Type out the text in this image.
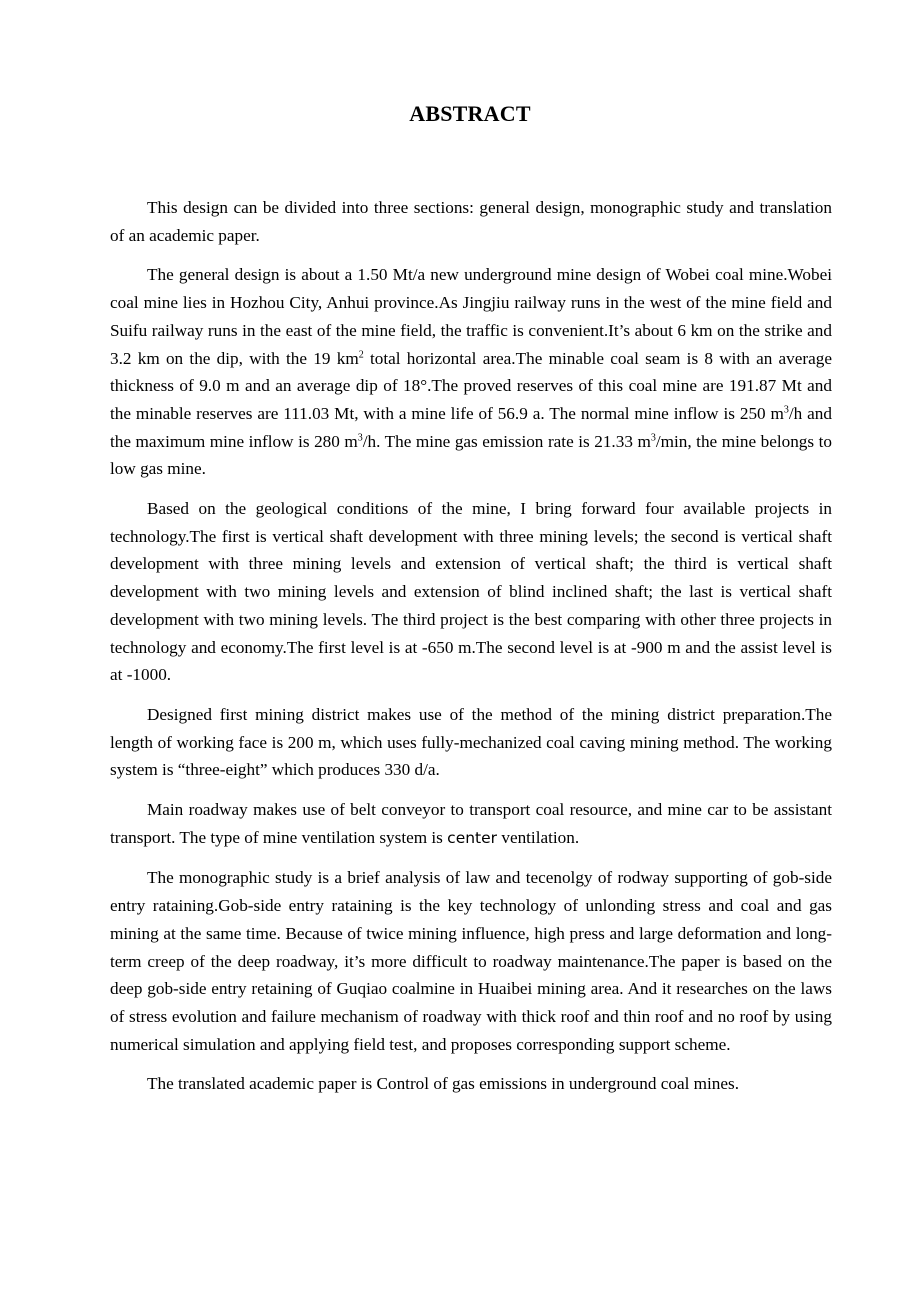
ABSTRACT

This design can be divided into three sections: general design, monographic study and translation of an academic paper.

The general design is about a 1.50 Mt/a new underground mine design of Wobei coal mine.Wobei coal mine lies in Hozhou City, Anhui province.As Jingjiu railway runs in the west of the mine field and Suifu railway runs in the east of the mine field, the traffic is convenient.It’s about 6 km on the strike and 3.2 km on the dip, with the 19 $km^2$ total horizontal area.The minable coal seam is 8 with an average thickness of 9.0 m and an average dip of 18°.The proved reserves of this coal mine are 191.87 Mt and the minable reserves are 111.03 Mt, with a mine life of 56.9 a. The normal mine inflow is 250 $m^3/h$ and the maximum mine inflow is 280 $m^3/h$. The mine gas emission rate is 21.33 $m^3/\min$, the mine belongs to low gas mine.

Based on the geological conditions of the mine, I bring forward four available projects in technology.The first is vertical shaft development with three mining levels; the second is vertical shaft development with three mining levels and extension of vertical shaft; the third is vertical shaft development with two mining levels and extension of blind inclined shaft; the last is vertical shaft development with two mining levels. The third project is the best comparing with other three projects in technology and economy.The first level is at -650 m.The second level is at -900 m and the assist level is at -1000.

Designed first mining district makes use of the method of the mining district preparation.The length of working face is 200 m, which uses fully-mechanized coal caving mining method. The working system is “three-eight” which produces 330 d/a.

Main roadway makes use of belt conveyor to transport coal resource, and mine car to be assistant transport. The type of mine ventilation system is center ventilation.

The monographic study is a brief analysis of law and tecenolgy of rodway supporting of gob-side entry rataining.Gob-side entry rataining is the key technology of unlonding stress and coal and gas mining at the same time. Because of twice mining influence, high press and large deformation and long-term creep of the deep roadway, it’s more difficult to roadway maintenance.The paper is based on the deep gob-side entry retaining of Guqiao coalmine in Huaibei mining area. And it researches on the laws of stress evolution and failure mechanism of roadway with thick roof and thin roof and no roof by using numerical simulation and applying field test, and proposes corresponding support scheme.

The translated academic paper is Control of gas emissions in underground coal mines.
